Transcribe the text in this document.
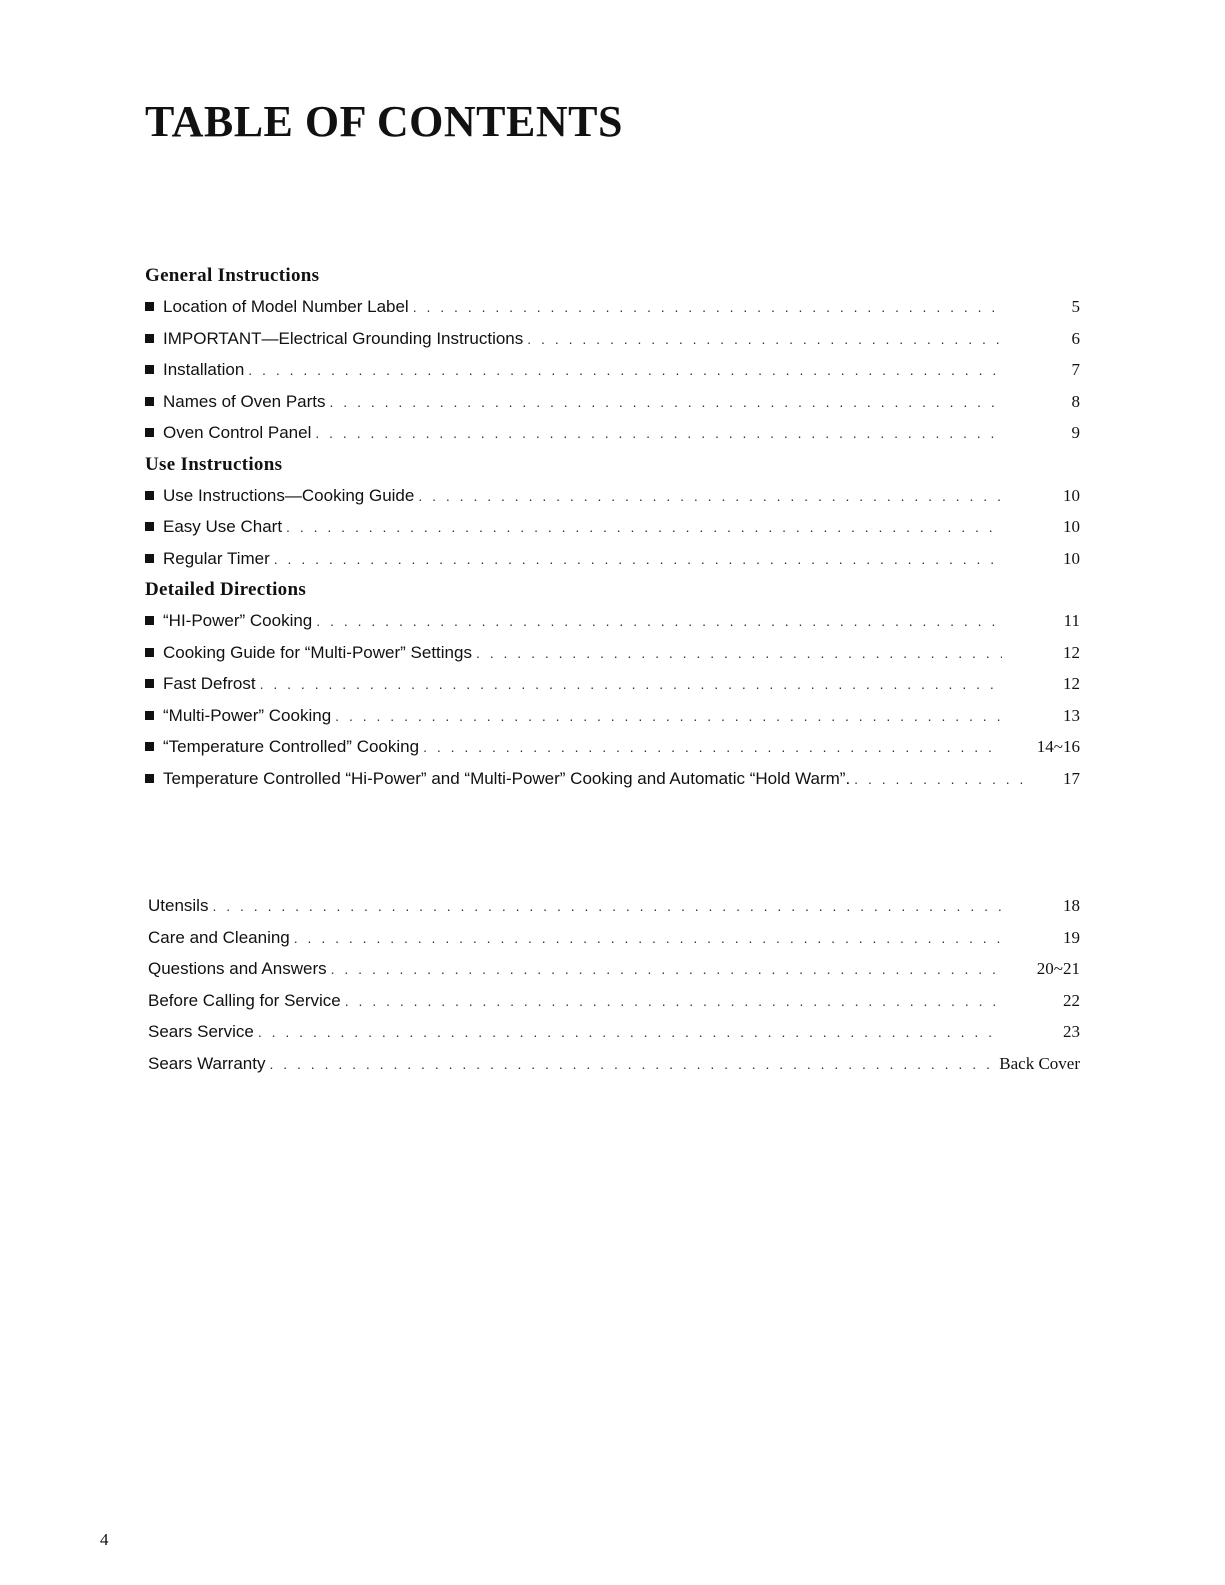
TABLE OF CONTENTS
General Instructions
Location of Model Number Label . . .	5
IMPORTANT—Electrical Grounding Instructions . . .	6
Installation . . .	7
Names of Oven Parts . . .	8
Oven Control Panel . . .	9
Use Instructions
Use Instructions—Cooking Guide . . .	10
Easy Use Chart . . .	10
Regular Timer . . .	10
Detailed Directions
“HI-Power” Cooking . . .	11
Cooking Guide for “Multi-Power” Settings . . .	12
Fast Defrost . . .	12
“Multi-Power” Cooking . . .	13
“Temperature Controlled” Cooking . . .	14~16
Temperature Controlled “Hi-Power” and “Multi-Power” Cooking and Automatic “Hold Warm”. . . .	17
Utensils . . .	18
Care and Cleaning . . .	19
Questions and Answers . . .	20~21
Before Calling for Service . . .	22
Sears Service . . .	23
Sears Warranty . . .	Back Cover
4
